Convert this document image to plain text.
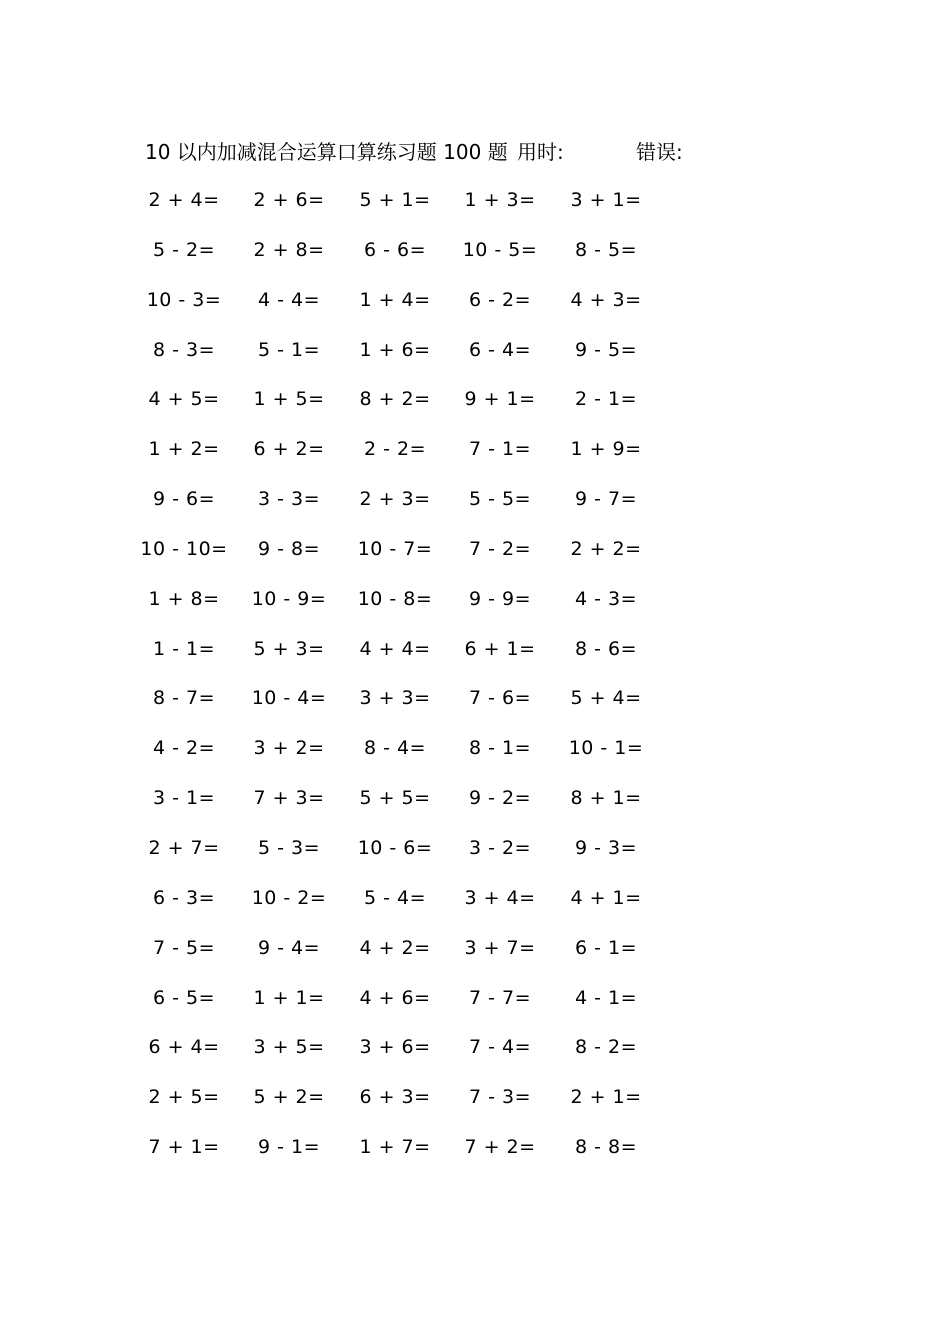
10 以内加减混合运算口算练习题 100 题 用时:	错误:
2 + 4=	2 + 6=	5 + 1=	1 + 3=	3 + 1=
5 - 2=	2 + 8=	6 - 6=	10 - 5=	8 - 5=
10 - 3=	4 - 4=	1 + 4=	6 - 2=	4 + 3=
8 - 3=	5 - 1=	1 + 6=	6 - 4=	9 - 5=
4 + 5=	1 + 5=	8 + 2=	9 + 1=	2 - 1=
1 + 2=	6 + 2=	2 - 2=	7 - 1=	1 + 9=
9 - 6=	3 - 3=	2 + 3=	5 - 5=	9 - 7=
10 - 10=	9 - 8=	10 - 7=	7 - 2=	2 + 2=
1 + 8=	10 - 9=	10 - 8=	9 - 9=	4 - 3=
1 - 1=	5 + 3=	4 + 4=	6 + 1=	8 - 6=
8 - 7=	10 - 4=	3 + 3=	7 - 6=	5 + 4=
4 - 2=	3 + 2=	8 - 4=	8 - 1=	10 - 1=
3 - 1=	7 + 3=	5 + 5=	9 - 2=	8 + 1=
2 + 7=	5 - 3=	10 - 6=	3 - 2=	9 - 3=
6 - 3=	10 - 2=	5 - 4=	3 + 4=	4 + 1=
7 - 5=	9 - 4=	4 + 2=	3 + 7=	6 - 1=
6 - 5=	1 + 1=	4 + 6=	7 - 7=	4 - 1=
6 + 4=	3 + 5=	3 + 6=	7 - 4=	8 - 2=
2 + 5=	5 + 2=	6 + 3=	7 - 3=	2 + 1=
7 + 1=	9 - 1=	1 + 7=	7 + 2=	8 - 8=
